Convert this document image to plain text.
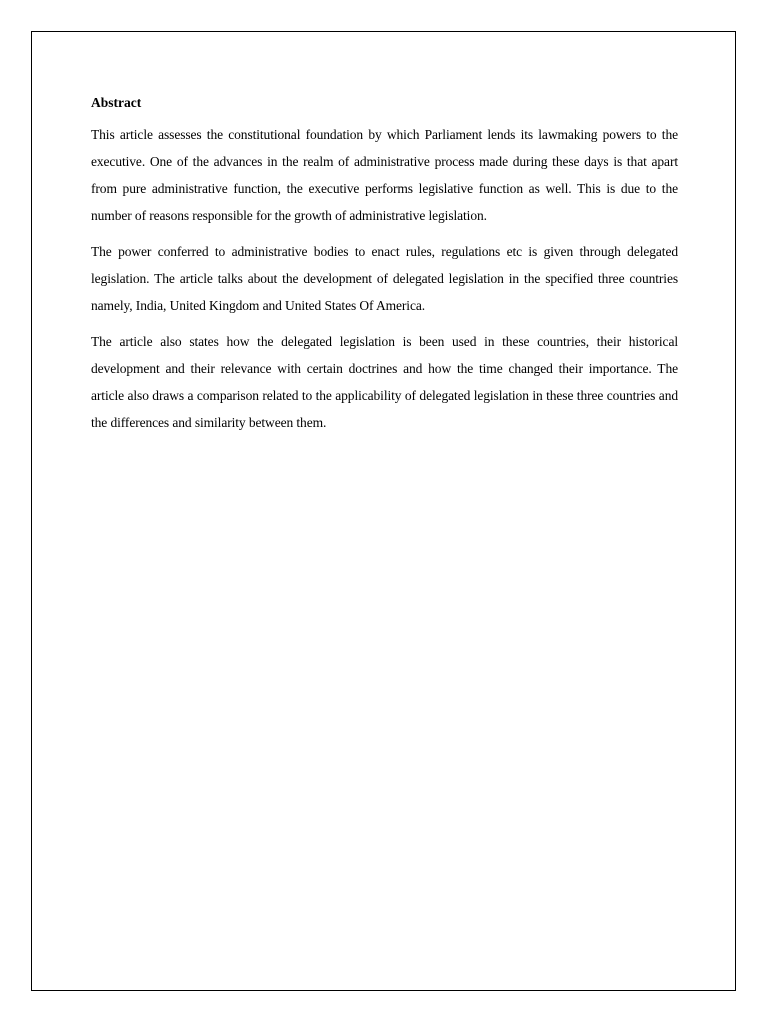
Abstract

This article assesses the constitutional foundation by which Parliament lends its lawmaking powers to the executive. One of the advances in the realm of administrative process made during these days is that apart from pure administrative function, the executive performs legislative function as well. This is due to the number of reasons responsible for the growth of administrative legislation.

The power conferred to administrative bodies to enact rules, regulations etc is given through delegated legislation. The article talks about the development of delegated legislation in the specified three countries namely, India, United Kingdom and United States Of America.

The article also states how the delegated legislation is been used in these countries, their historical development and their relevance with certain doctrines and how the time changed their importance. The article also draws a comparison related to the applicability of delegated legislation in these three countries and the differences and similarity between them.
